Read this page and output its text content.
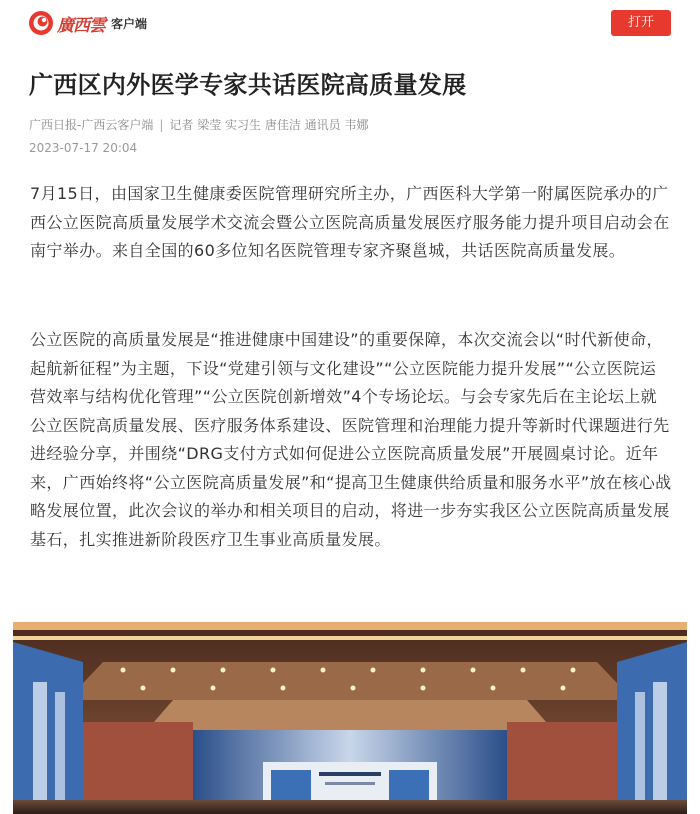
廣西雲 客户端	打开
广西区内外医学专家共话医院高质量发展
广西日报-广西云客户端 | 记者 梁莹 实习生 唐佳洁 通讯员 韦娜
2023-07-17 20:04

7月15日，由国家卫生健康委医院管理研究所主办，广西医科大学第一附属医院承办的广西公立医院高质量发展学术交流会暨公立医院高质量发展医疗服务能力提升项目启动会在南宁举办。来自全国的60多位知名医院管理专家齐聚邕城，共话医院高质量发展。

公立医院的高质量发展是“推进健康中国建设”的重要保障，本次交流会以“时代新使命，起航新征程”为主题，下设“党建引领与文化建设”“公立医院能力提升发展”“公立医院运营效率与结构优化管理”“公立医院创新增效”4个专场论坛。与会专家先后在主论坛上就公立医院高质量发展、医疗服务体系建设、医院管理和治理能力提升等新时代课题进行先进经验分享，并围绕“DRG支付方式如何促进公立医院高质量发展”开展圆桌讨论。近年来，广西始终将“公立医院高质量发展”和“提高卫生健康供给质量和服务水平”放在核心战略发展位置，此次会议的举办和相关项目的启动，将进一步夯实我区公立医院高质量发展基石，扎实推进新阶段医疗卫生事业高质量发展。
